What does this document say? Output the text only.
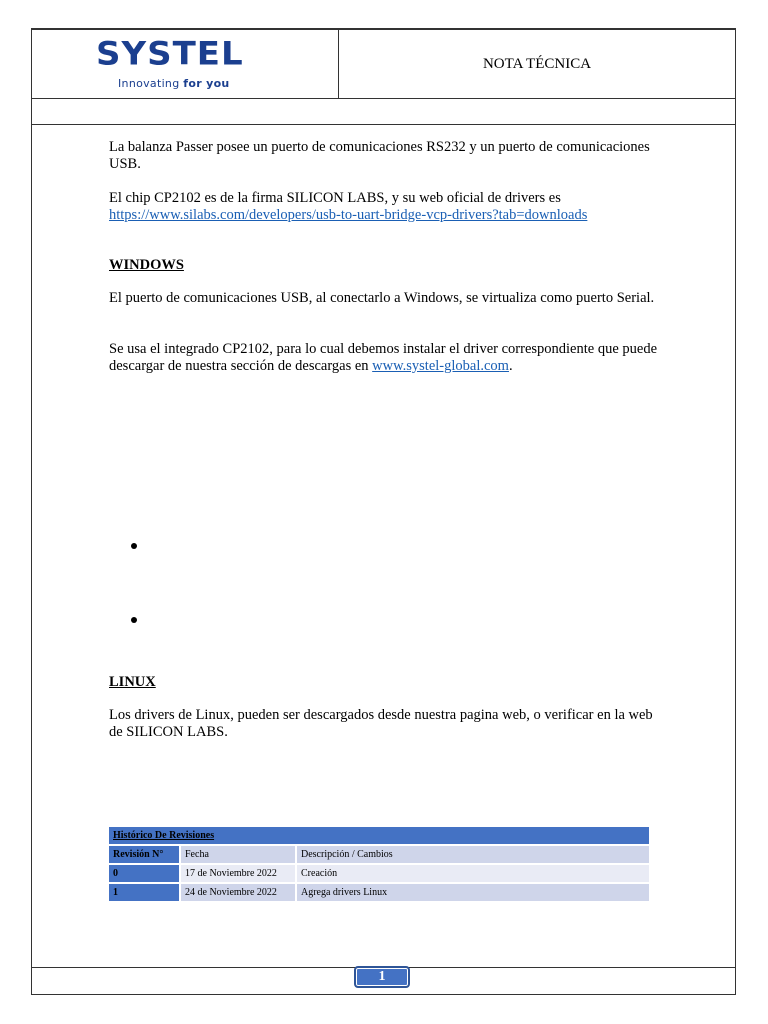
SYSTEL
Innovating for you
NOTA TÉCNICA

La balanza Passer posee un puerto de comunicaciones RS232 y un puerto de comunicaciones USB.

El chip CP2102 es de la firma SILICON LABS, y su web oficial de drivers es
https://www.silabs.com/developers/usb-to-uart-bridge-vcp-drivers?tab=downloads

WINDOWS

El puerto de comunicaciones USB, al conectarlo a Windows, se virtualiza como puerto Serial.

Se usa el integrado CP2102, para lo cual debemos instalar el driver correspondiente que puede descargar de nuestra sección de descargas en www.systel-global.com.

LINUX

Los drivers de Linux, pueden ser descargados desde nuestra pagina web, o verificar en la web de SILICON LABS.

Histórico De Revisiones		
Revisión N°	Fecha	Descripción / Cambios
0	17 de Noviembre 2022	Creación
1	24 de Noviembre 2022	Agrega drivers Linux
1
